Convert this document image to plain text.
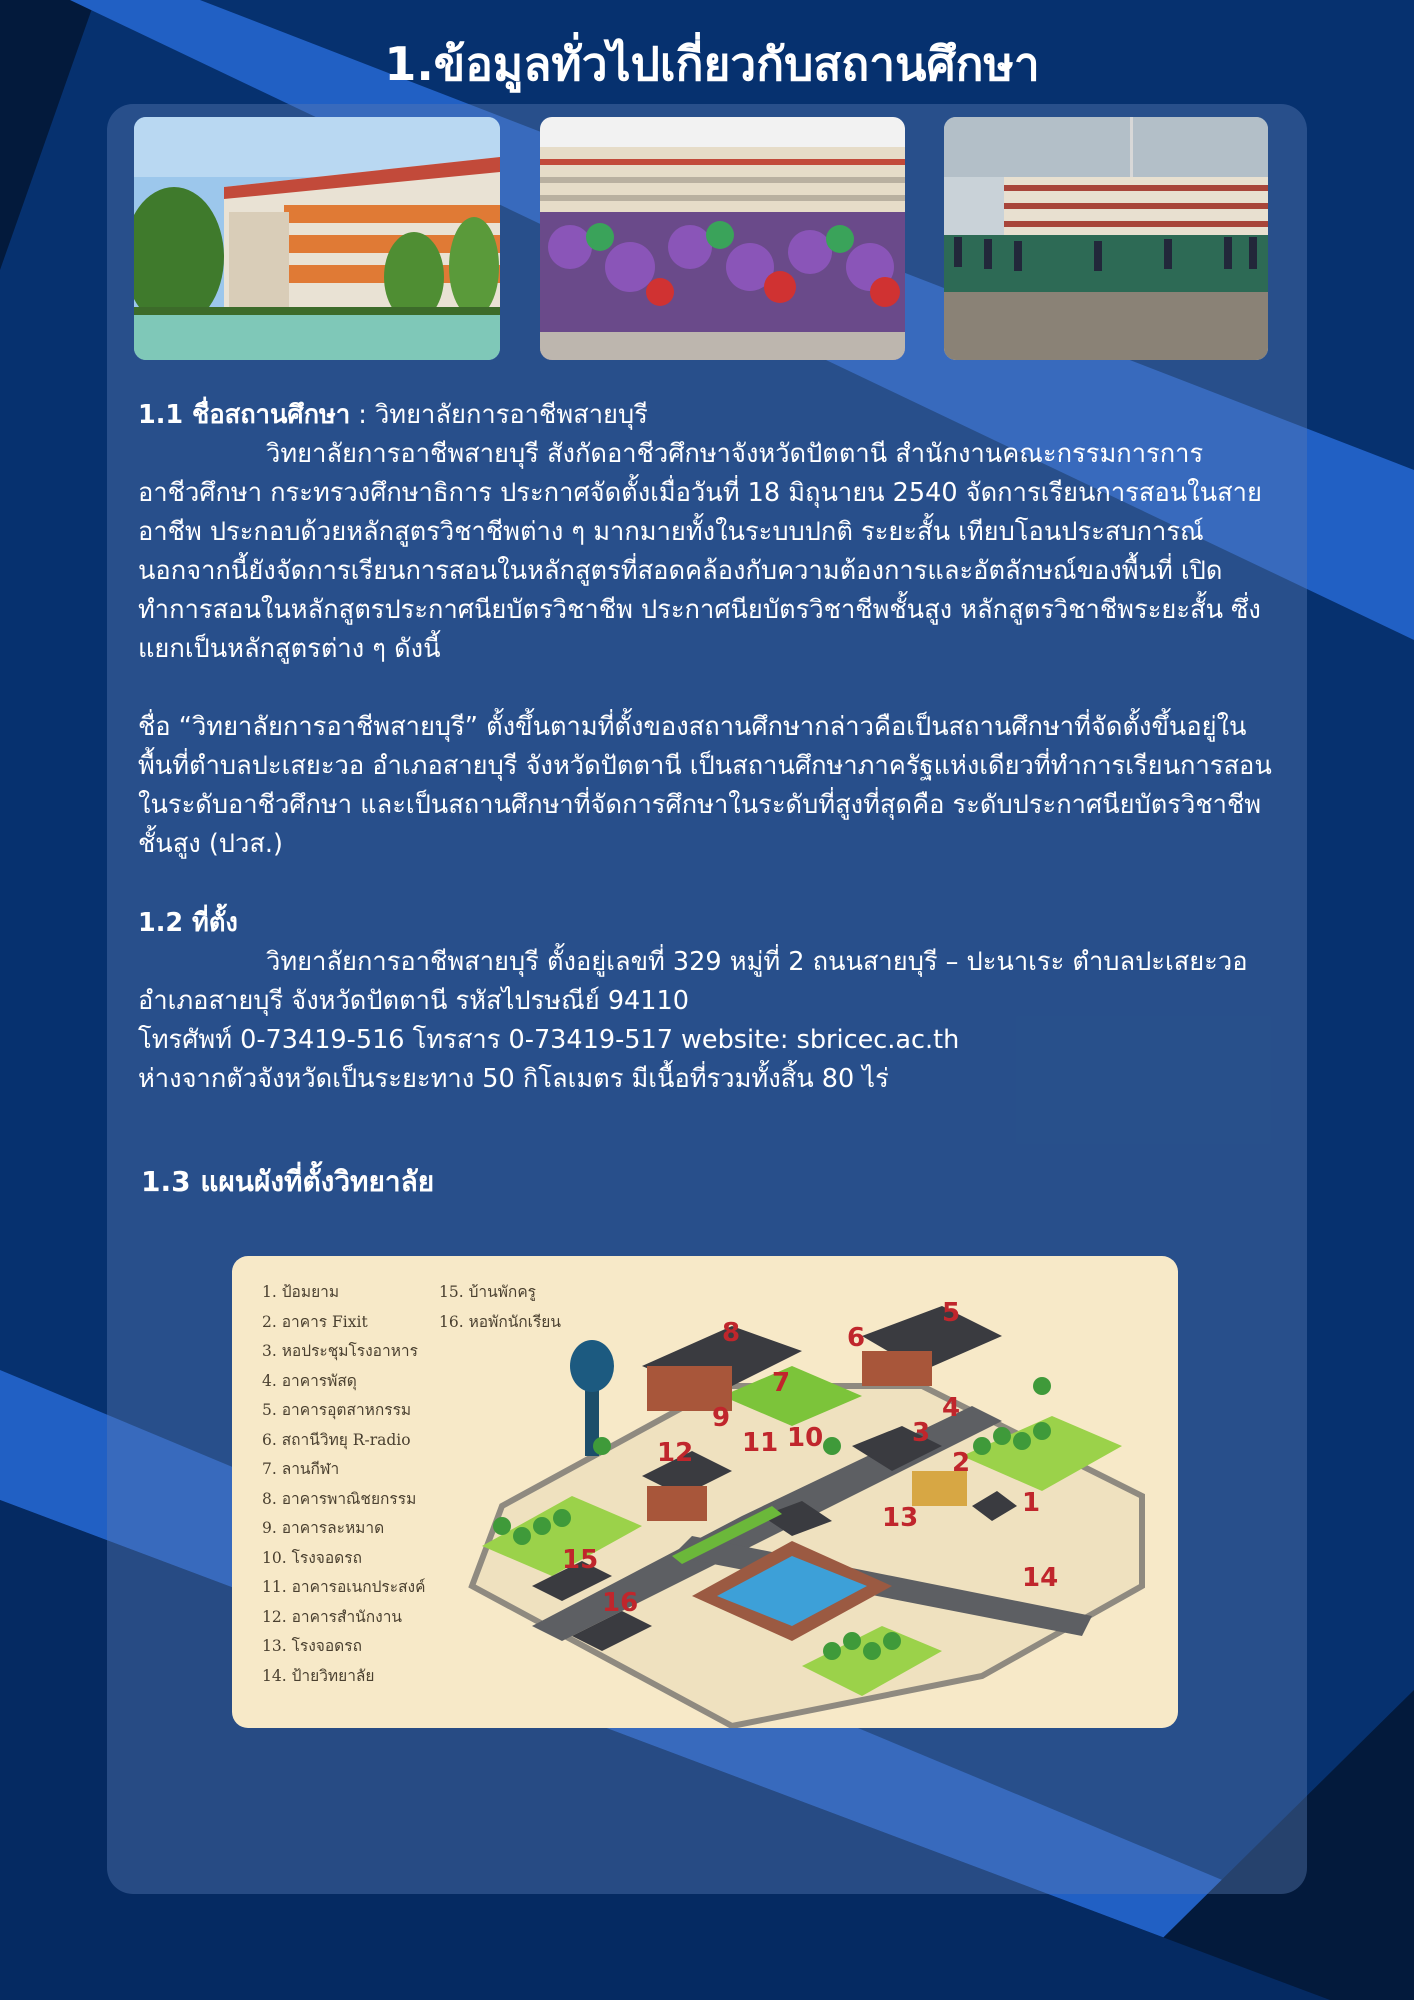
1.ข้อมูลทั่วไปเกี่ยวกับสถานศึกษา

1.1 ชื่อสถานศึกษา : วิทยาลัยการอาชีพสายบุรี

วิทยาลัยการอาชีพสายบุรี สังกัดอาชีวศึกษาจังหวัดปัตตานี สำนักงานคณะกรรมการการอาชีวศึกษา กระทรวงศึกษาธิการ ประกาศจัดตั้งเมื่อวันที่ 18 มิถุนายน 2540 จัดการเรียนการสอนในสายอาชีพ ประกอบด้วยหลักสูตรวิชาชีพต่าง ๆ มากมายทั้งในระบบปกติ ระยะสั้น เทียบโอนประสบการณ์ นอกจากนี้ยังจัดการเรียนการสอนในหลักสูตรที่สอดคล้องกับความต้องการและอัตลักษณ์ของพื้นที่ เปิดทำการสอนในหลักสูตรประกาศนียบัตรวิชาชีพ ประกาศนียบัตรวิชาชีพชั้นสูง หลักสูตรวิชาชีพระยะสั้น ซึ่งแยกเป็นหลักสูตรต่าง ๆ ดังนี้

ชื่อ “วิทยาลัยการอาชีพสายบุรี” ตั้งขึ้นตามที่ตั้งของสถานศึกษากล่าวคือเป็นสถานศึกษาที่จัดตั้งขึ้นอยู่ในพื้นที่ตำบลปะเสยะวอ อำเภอสายบุรี จังหวัดปัตตานี เป็นสถานศึกษาภาครัฐแห่งเดียวที่ทำการเรียนการสอนในระดับอาชีวศึกษา และเป็นสถานศึกษาที่จัดการศึกษาในระดับที่สูงที่สุดคือ ระดับประกาศนียบัตรวิชาชีพชั้นสูง (ปวส.)

1.2 ที่ตั้ง

วิทยาลัยการอาชีพสายบุรี ตั้งอยู่เลขที่ 329 หมู่ที่ 2 ถนนสายบุรี – ปะนาเระ ตำบลปะเสยะวอ อำเภอสายบุรี จังหวัดปัตตานี รหัสไปรษณีย์ 94110

โทรศัพท์ 0-73419-516 โทรสาร 0-73419-517 website: sbricec.ac.th

ห่างจากตัวจังหวัดเป็นระยะทาง 50 กิโลเมตร มีเนื้อที่รวมทั้งสิ้น 80 ไร่

1.3 แผนผังที่ตั้งวิทยาลัย
1. ป้อมยาม
2. อาคาร Fixit
3. หอประชุมโรงอาหาร
4. อาคารพัสดุ
5. อาคารอุตสาหกรรม
6. สถานีวิทยุ R-radio
7. ลานกีฬา
8. อาคารพาณิชยกรรม
9. อาคารละหมาด
10. โรงจอดรถ
11. อาคารอเนกประสงค์
12. อาคารสำนักงาน
13. โรงจอดรถ
14. ป้ายวิทยาลัย
15. บ้านพักครู
16. หอพักนักเรียน
1
2
3
4
5
6
7
8
9
10
11
12
13
14
15
16
